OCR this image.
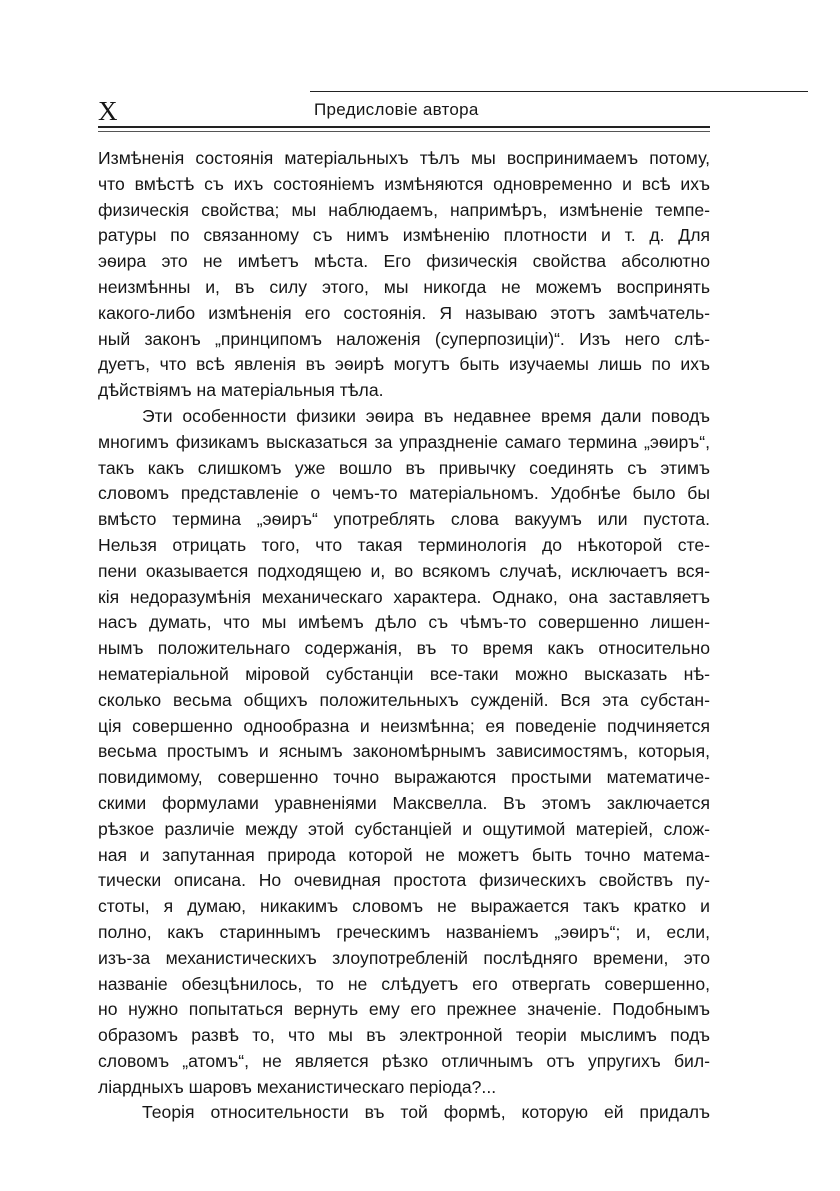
X	Предисловіе автора
Измѣненія состоянія матеріальныхъ тѣлъ мы воспринимаемъ потому,
что вмѣстѣ съ ихъ состояніемъ измѣняются одновременно и всѣ ихъ
физическія свойства; мы наблюдаемъ, напримѣръ, измѣненіе темпе-
ратуры по связанному съ нимъ измѣненію плотности и т. д. Для
эѳира это не имѣетъ мѣста. Его физическія свойства абсолютно
неизмѣнны и, въ силу этого, мы никогда не можемъ воспринять
какого-либо измѣненія его состоянія. Я называю этотъ замѣчатель-
ный законъ „принципомъ наложенія (суперпозиціи)“. Изъ него слѣ-
дуетъ, что всѣ явленія въ эѳирѣ могутъ быть изучаемы лишь по ихъ
дѣйствіямъ на матеріальныя тѣла.
Эти особенности физики эѳира въ недавнее время дали поводъ
многимъ физикамъ высказаться за упраздненіе самаго термина „эѳиръ“,
такъ какъ слишкомъ уже вошло въ привычку соединять съ этимъ
словомъ представленіе о чемъ-то матеріальномъ. Удобнѣе было бы
вмѣсто термина „эѳиръ“ употреблять слова вакуумъ или пустота.
Нельзя отрицать того, что такая терминологія до нѣкоторой сте-
пени оказывается подходящею и, во всякомъ случаѣ, исключаетъ вся-
кія недоразумѣнія механическаго характера. Однако, она заставляетъ
насъ думать, что мы имѣемъ дѣло съ чѣмъ-то совершенно лишен-
нымъ положительнаго содержанія, въ то время какъ относительно
нематеріальной міровой субстанціи все-таки можно высказать нѣ-
сколько весьма общихъ положительныхъ сужденій. Вся эта субстан-
ція совершенно однообразна и неизмѣнна; ея поведеніе подчиняется
весьма простымъ и яснымъ закономѣрнымъ зависимостямъ, которыя,
повидимому, совершенно точно выражаются простыми математиче-
скими формулами уравненіями Максвелла. Въ этомъ заключается
рѣзкое различіе между этой субстанціей и ощутимой матеріей, слож-
ная и запутанная природа которой не можетъ быть точно матема-
тически описана. Но очевидная простота физическихъ свойствъ пу-
стоты, я думаю, никакимъ словомъ не выражается такъ кратко и
полно, какъ стариннымъ греческимъ названіемъ „эѳиръ“; и, если,
изъ-за механистическихъ злоупотребленій послѣдняго времени, это
названіе обезцѣнилось, то не слѣдуетъ его отвергать совершенно,
но нужно попытаться вернуть ему его прежнее значеніе. Подобнымъ
образомъ развѣ то, что мы въ электронной теоріи мыслимъ подъ
словомъ „атомъ“, не является рѣзко отличнымъ отъ упругихъ бил-
ліардныхъ шаровъ механистическаго періода?...
Теорія относительности въ той формѣ, которую ей придалъ
